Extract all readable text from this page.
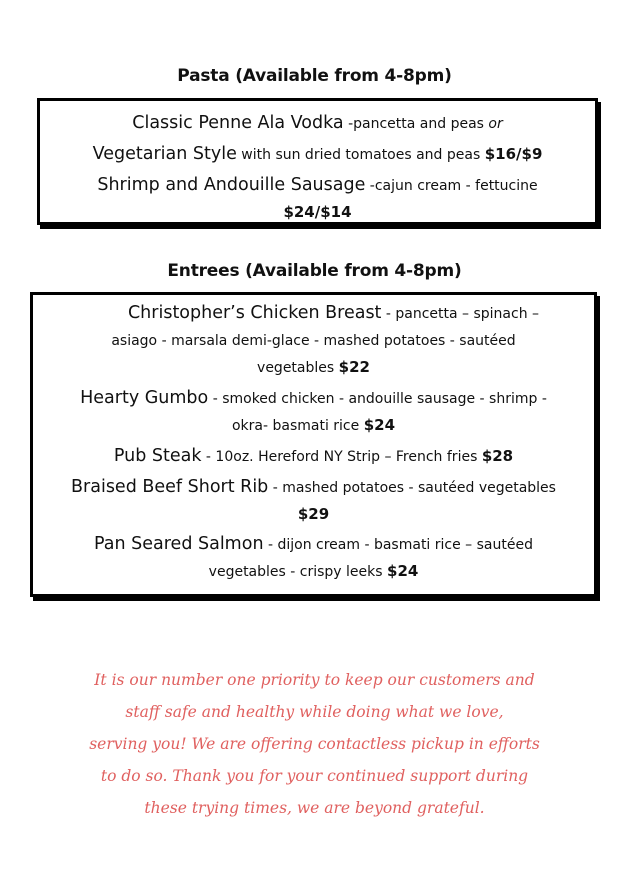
Pasta (Available from 4-8pm)
Classic Penne Ala Vodka -pancetta and peas or
Vegetarian Style with sun dried tomatoes and peas $16/$9
Shrimp and Andouille Sausage -cajun cream - fettucine
$24/$14
Entrees (Available from 4-8pm)
Christopher’s Chicken Breast - pancetta – spinach –
asiago - marsala demi-glace - mashed potatoes - sautéed
vegetables $22
Hearty Gumbo - smoked chicken - andouille sausage - shrimp -
okra- basmati rice $24
Pub Steak - 10oz. Hereford NY Strip – French fries $28
Braised Beef Short Rib - mashed potatoes - sautéed vegetables
$29
Pan Seared Salmon - dijon cream - basmati rice – sautéed
vegetables - crispy leeks $24
It is our number one priority to keep our customers and
staff safe and healthy while doing what we love,
serving you! We are offering contactless pickup in efforts
to do so. Thank you for your continued support during
these trying times, we are beyond grateful.
